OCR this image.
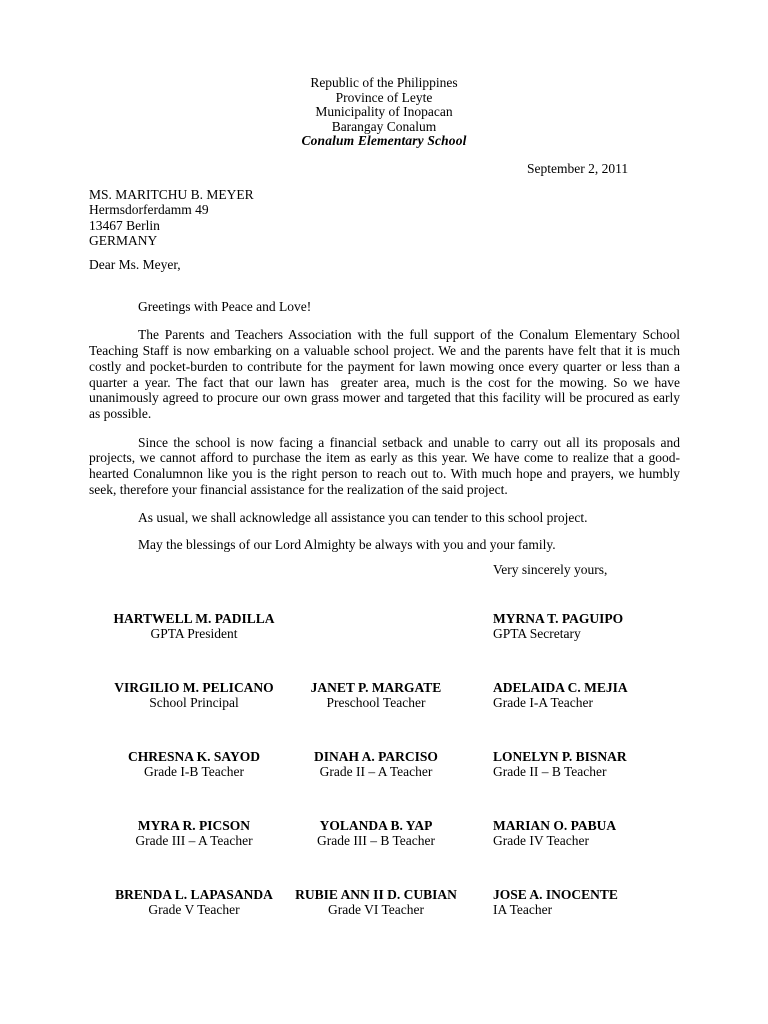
Republic of the Philippines
Province of Leyte
Municipality of Inopacan
Barangay Conalum
Conalum Elementary School
September 2, 2011
MS. MARITCHU B. MEYER
Hermsdorferdamm 49
13467 Berlin
GERMANY
Dear Ms. Meyer,

Greetings with Peace and Love!

The Parents and Teachers Association with the full support of the Conalum Elementary School Teaching Staff is now embarking on a valuable school project. We and the parents have felt that it is much costly and pocket-burden to contribute for the payment for lawn mowing once every quarter or less than a quarter a year. The fact that our lawn has  greater area, much is the cost for the mowing. So we have unanimously agreed to procure our own grass mower and targeted that this facility will be procured as early as possible.

Since the school is now facing a financial setback and unable to carry out all its proposals and projects, we cannot afford to purchase the item as early as this year. We have come to realize that a good-hearted Conalumnon like you is the right person to reach out to. With much hope and prayers, we humbly seek, therefore your financial assistance for the realization of the said project.

As usual, we shall acknowledge all assistance you can tender to this school project.

May the blessings of our Lord Almighty be always with you and your family.

Very sincerely yours,
HARTWELL M. PADILLA
GPTA President
MYRNA T. PAGUIPO
GPTA Secretary
VIRGILIO M. PELICANO
School Principal
JANET P. MARGATE
Preschool Teacher
ADELAIDA C. MEJIA
Grade I-A Teacher
CHRESNA K. SAYOD
Grade I-B Teacher
DINAH A. PARCISO
Grade II – A Teacher
LONELYN P. BISNAR
Grade II – B Teacher
MYRA R. PICSON
Grade III – A Teacher
YOLANDA B. YAP
Grade III – B Teacher
MARIAN O. PABUA
Grade IV Teacher
BRENDA L. LAPASANDA
Grade V Teacher
RUBIE ANN II D. CUBIAN
Grade VI Teacher
JOSE A. INOCENTE
IA Teacher
